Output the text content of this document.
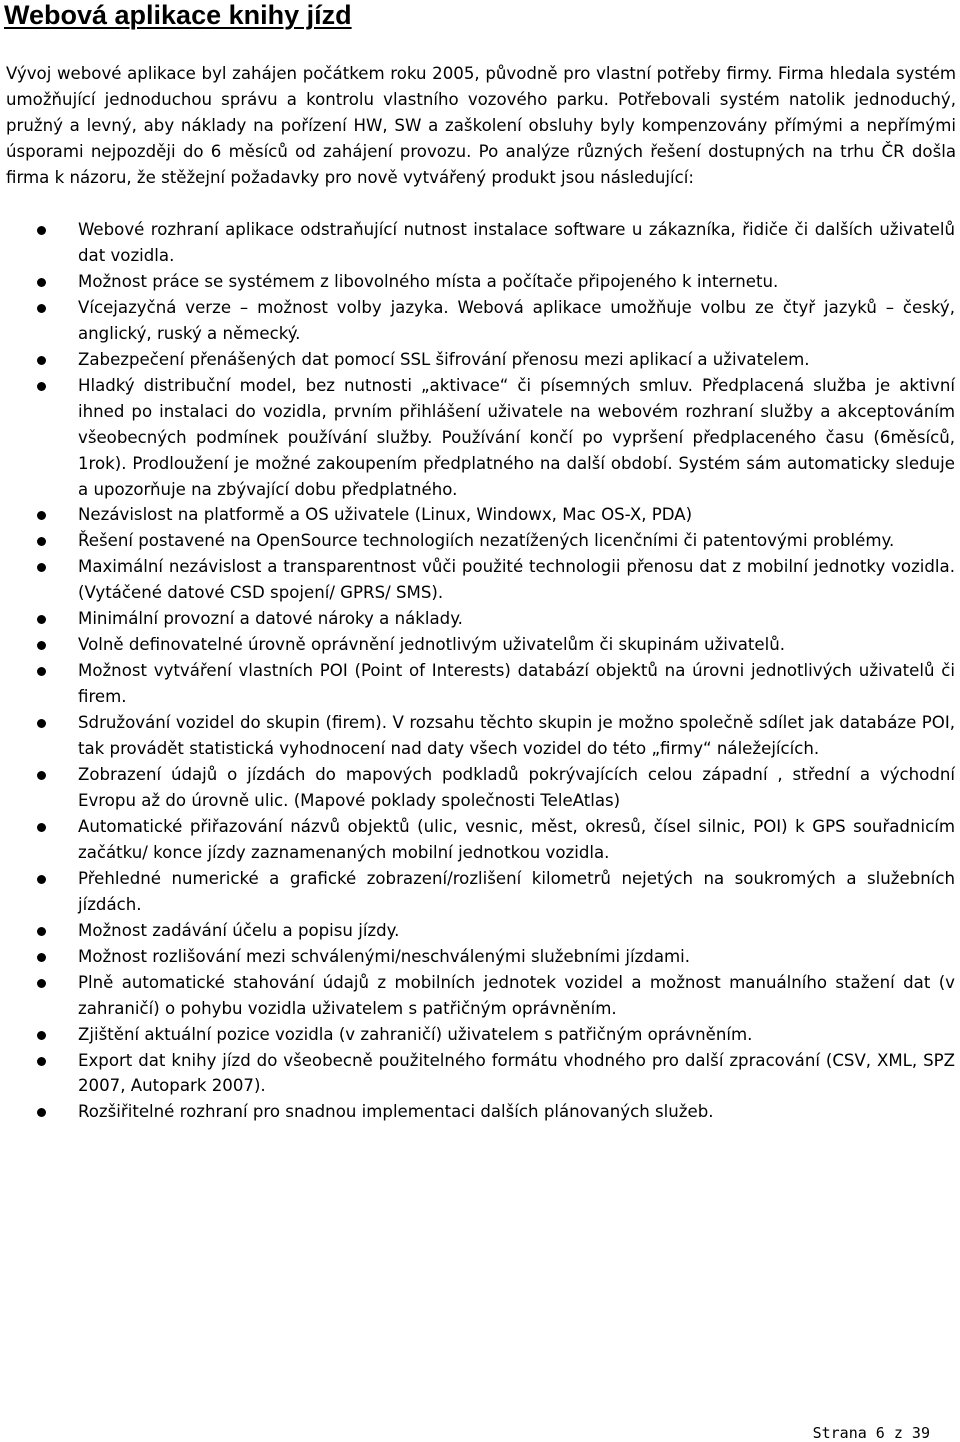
Webová aplikace knihy jízd

Vývoj webové aplikace byl zahájen počátkem roku 2005, původně pro vlastní potřeby firmy. Firma hledala systém umožňující jednoduchou správu a kontrolu vlastního vozového parku. Potřebovali systém natolik jednoduchý, pružný a levný, aby náklady na pořízení HW, SW a zaškolení obsluhy byly kompenzovány přímými a nepřímými úsporami nejpozději do 6 měsíců od zahájení provozu. Po analýze různých řešení dostupných na trhu ČR došla firma k názoru, že stěžejní požadavky pro nově vytvářený produkt jsou následující:

Webové rozhraní aplikace odstraňující nutnost instalace software u zákazníka, řidiče či dalších uživatelů dat vozidla.
Možnost práce se systémem z libovolného místa a počítače připojeného k internetu.
Vícejazyčná verze – možnost volby jazyka. Webová aplikace umožňuje volbu ze čtyř jazyků – český, anglický, ruský a německý.
Zabezpečení přenášených dat pomocí SSL šifrování přenosu mezi aplikací a uživatelem.
Hladký distribuční model, bez nutnosti „aktivace“ či písemných smluv. Předplacená služba je aktivní ihned po instalaci do vozidla, prvním přihlášení uživatele na webovém rozhraní služby a akceptováním všeobecných podmínek používání služby. Používání končí po vypršení předplaceného času (6měsíců, 1rok). Prodloužení je možné zakoupením předplatného na další období. Systém sám automaticky sleduje a upozorňuje na zbývající dobu předplatného.
Nezávislost na platformě a OS uživatele (Linux, Windowx, Mac OS-X, PDA)
Řešení postavené na OpenSource technologiích nezatížených licenčními či patentovými problémy.
Maximální nezávislost a transparentnost vůči použité technologii přenosu dat z mobilní jednotky vozidla. (Vytáčené datové CSD spojení/ GPRS/ SMS).
Minimální provozní a datové nároky a náklady.
Volně definovatelné úrovně oprávnění jednotlivým uživatelům či skupinám uživatelů.
Možnost vytváření vlastních POI (Point of Interests) databází objektů na úrovni jednotlivých uživatelů či firem.
Sdružování vozidel do skupin (firem). V rozsahu těchto skupin je možno společně sdílet jak databáze POI, tak provádět statistická vyhodnocení nad daty všech vozidel do této „firmy“ náležejících.
Zobrazení údajů o jízdách do mapových podkladů pokrývajících celou západní , střední a východní Evropu až do úrovně ulic. (Mapové poklady společnosti TeleAtlas)
Automatické přiřazování názvů objektů (ulic, vesnic, měst, okresů, čísel silnic, POI) k GPS souřadnicím začátku/ konce jízdy zaznamenaných mobilní jednotkou vozidla.
Přehledné numerické a grafické zobrazení/rozlišení kilometrů nejetých na soukromých a služebních jízdách.
Možnost zadávání účelu a popisu jízdy.
Možnost rozlišování mezi schválenými/neschválenými služebními jízdami.
Plně automatické stahování údajů z mobilních jednotek vozidel a možnost manuálního stažení dat (v zahraničí) o pohybu vozidla uživatelem s patřičným oprávněním.
Zjištění aktuální pozice vozidla (v zahraničí) uživatelem s patřičným oprávněním.
Export dat knihy jízd do všeobecně použitelného formátu vhodného pro další zpracování (CSV, XML, SPZ 2007, Autopark 2007).
Rozšiřitelné rozhraní pro snadnou implementaci dalších plánovaných služeb.

Strana 6 z 39
